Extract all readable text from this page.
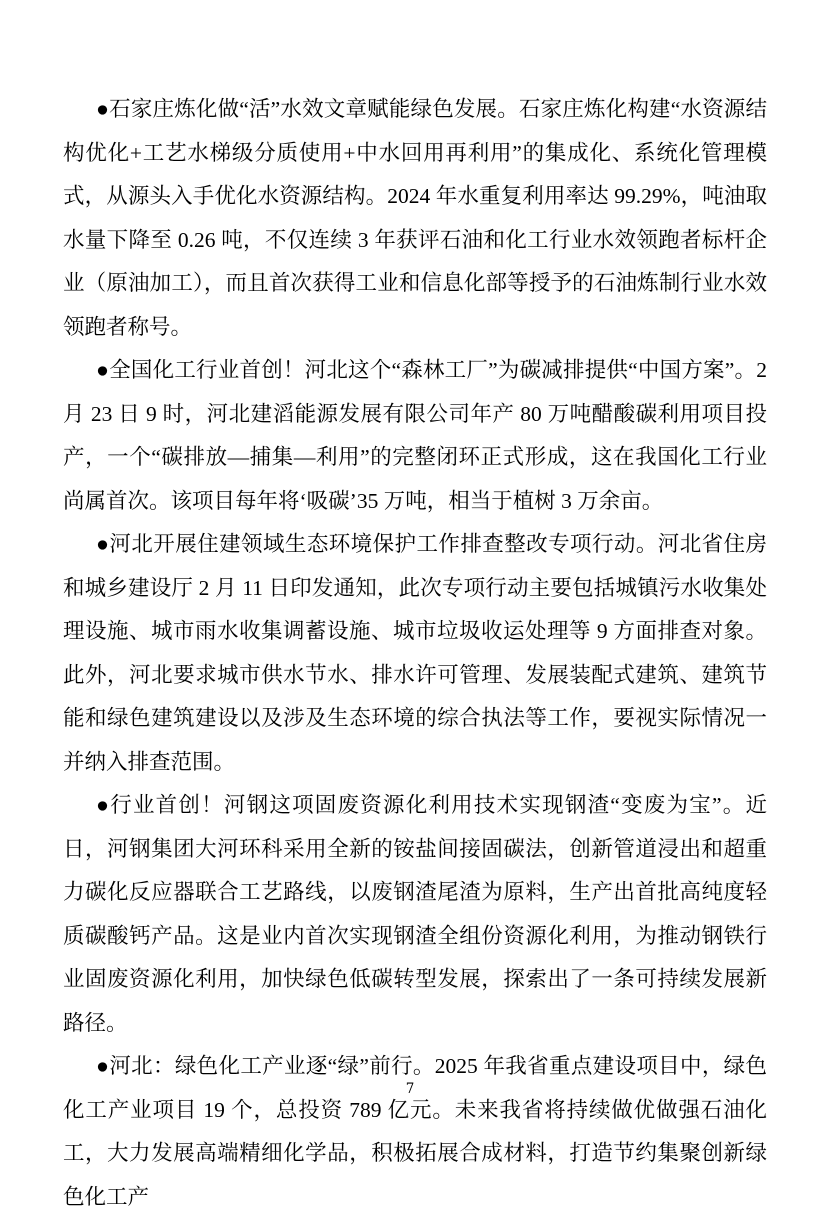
●石家庄炼化做“活”水效文章赋能绿色发展。石家庄炼化构建“水资源结构优化+工艺水梯级分质使用+中水回用再利用”的集成化、系统化管理模式，从源头入手优化水资源结构。2024 年水重复利用率达 99.29%，吨油取水量下降至 0.26 吨，不仅连续 3 年获评石油和化工行业水效领跑者标杆企业（原油加工），而且首次获得工业和信息化部等授予的石油炼制行业水效领跑者称号。

●全国化工行业首创！河北这个“森林工厂”为碳减排提供“中国方案”。2 月 23 日 9 时，河北建滔能源发展有限公司年产 80 万吨醋酸碳利用项目投产，一个“碳排放—捕集—利用”的完整闭环正式形成，这在我国化工行业尚属首次。该项目每年将‘吸碳’35 万吨，相当于植树 3 万余亩。

●河北开展住建领域生态环境保护工作排查整改专项行动。河北省住房和城乡建设厅 2 月 11 日印发通知，此次专项行动主要包括城镇污水收集处理设施、城市雨水收集调蓄设施、城市垃圾收运处理等 9 方面排查对象。此外，河北要求城市供水节水、排水许可管理、发展装配式建筑、建筑节能和绿色建筑建设以及涉及生态环境的综合执法等工作，要视实际情况一并纳入排查范围。

●行业首创！河钢这项固废资源化利用技术实现钢渣“变废为宝”。近日，河钢集团大河环科采用全新的铵盐间接固碳法，创新管道浸出和超重力碳化反应器联合工艺路线，以废钢渣尾渣为原料，生产出首批高纯度轻质碳酸钙产品。这是业内首次实现钢渣全组份资源化利用，为推动钢铁行业固废资源化利用，加快绿色低碳转型发展，探索出了一条可持续发展新路径。

●河北：绿色化工产业逐“绿”前行。2025 年我省重点建设项目中，绿色化工产业项目 19 个，总投资 789 亿元。未来我省将持续做优做强石油化工，大力发展高端精细化学品，积极拓展合成材料，打造节约集聚创新绿色化工产

7
